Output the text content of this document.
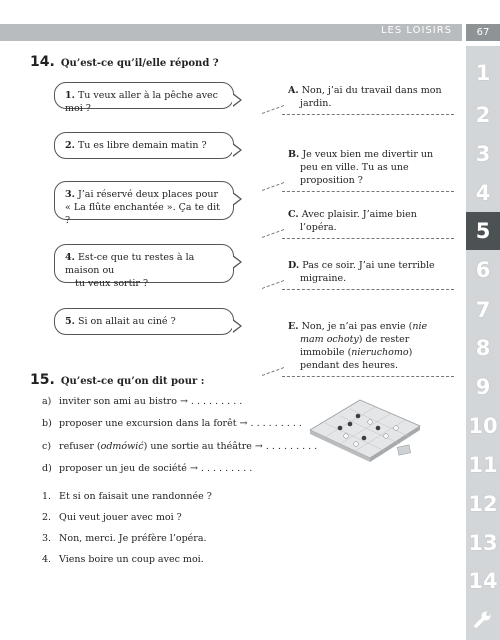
LES LOISIRS	67
1
2
3
4
5
6
7
8
9
10
11
12
13
14
14. Qu’est-ce qu’il/elle répond ?
1. Tu veux aller à la pêche avec moi ?
2. Tu es libre demain matin ?
3. J’ai réservé deux places pour
« La flûte enchantée ». Ça te dit ?
4. Est-ce que tu restes à la maison ou
tu veux sortir ?
5. Si on allait au ciné ?
A. Non, j’ai du travail dans mon jardin.
B. Je veux bien me divertir un peu en ville. Tu as une proposition ?
C. Avec plaisir. J’aime bien l’opéra.
D. Pas ce soir. J’ai une terrible migraine.
E. Non, je n’ai pas envie (nie mam ochoty) de rester immobile (nieruchomo) pendant des heures.
15. Qu’est-ce qu’on dit pour :
a) inviter son ami au bistro → . . . . . . . . .
b) proposer une excursion dans la forêt → . . . . . . . . .
c) refuser (odmówić) une sortie au théâtre → . . . . . . . . .
d) proposer un jeu de société → . . . . . . . . .
1. Et si on faisait une randonnée ?
2. Qui veut jouer avec moi ?
3. Non, merci. Je préfère l’opéra.
4. Viens boire un coup avec moi.
